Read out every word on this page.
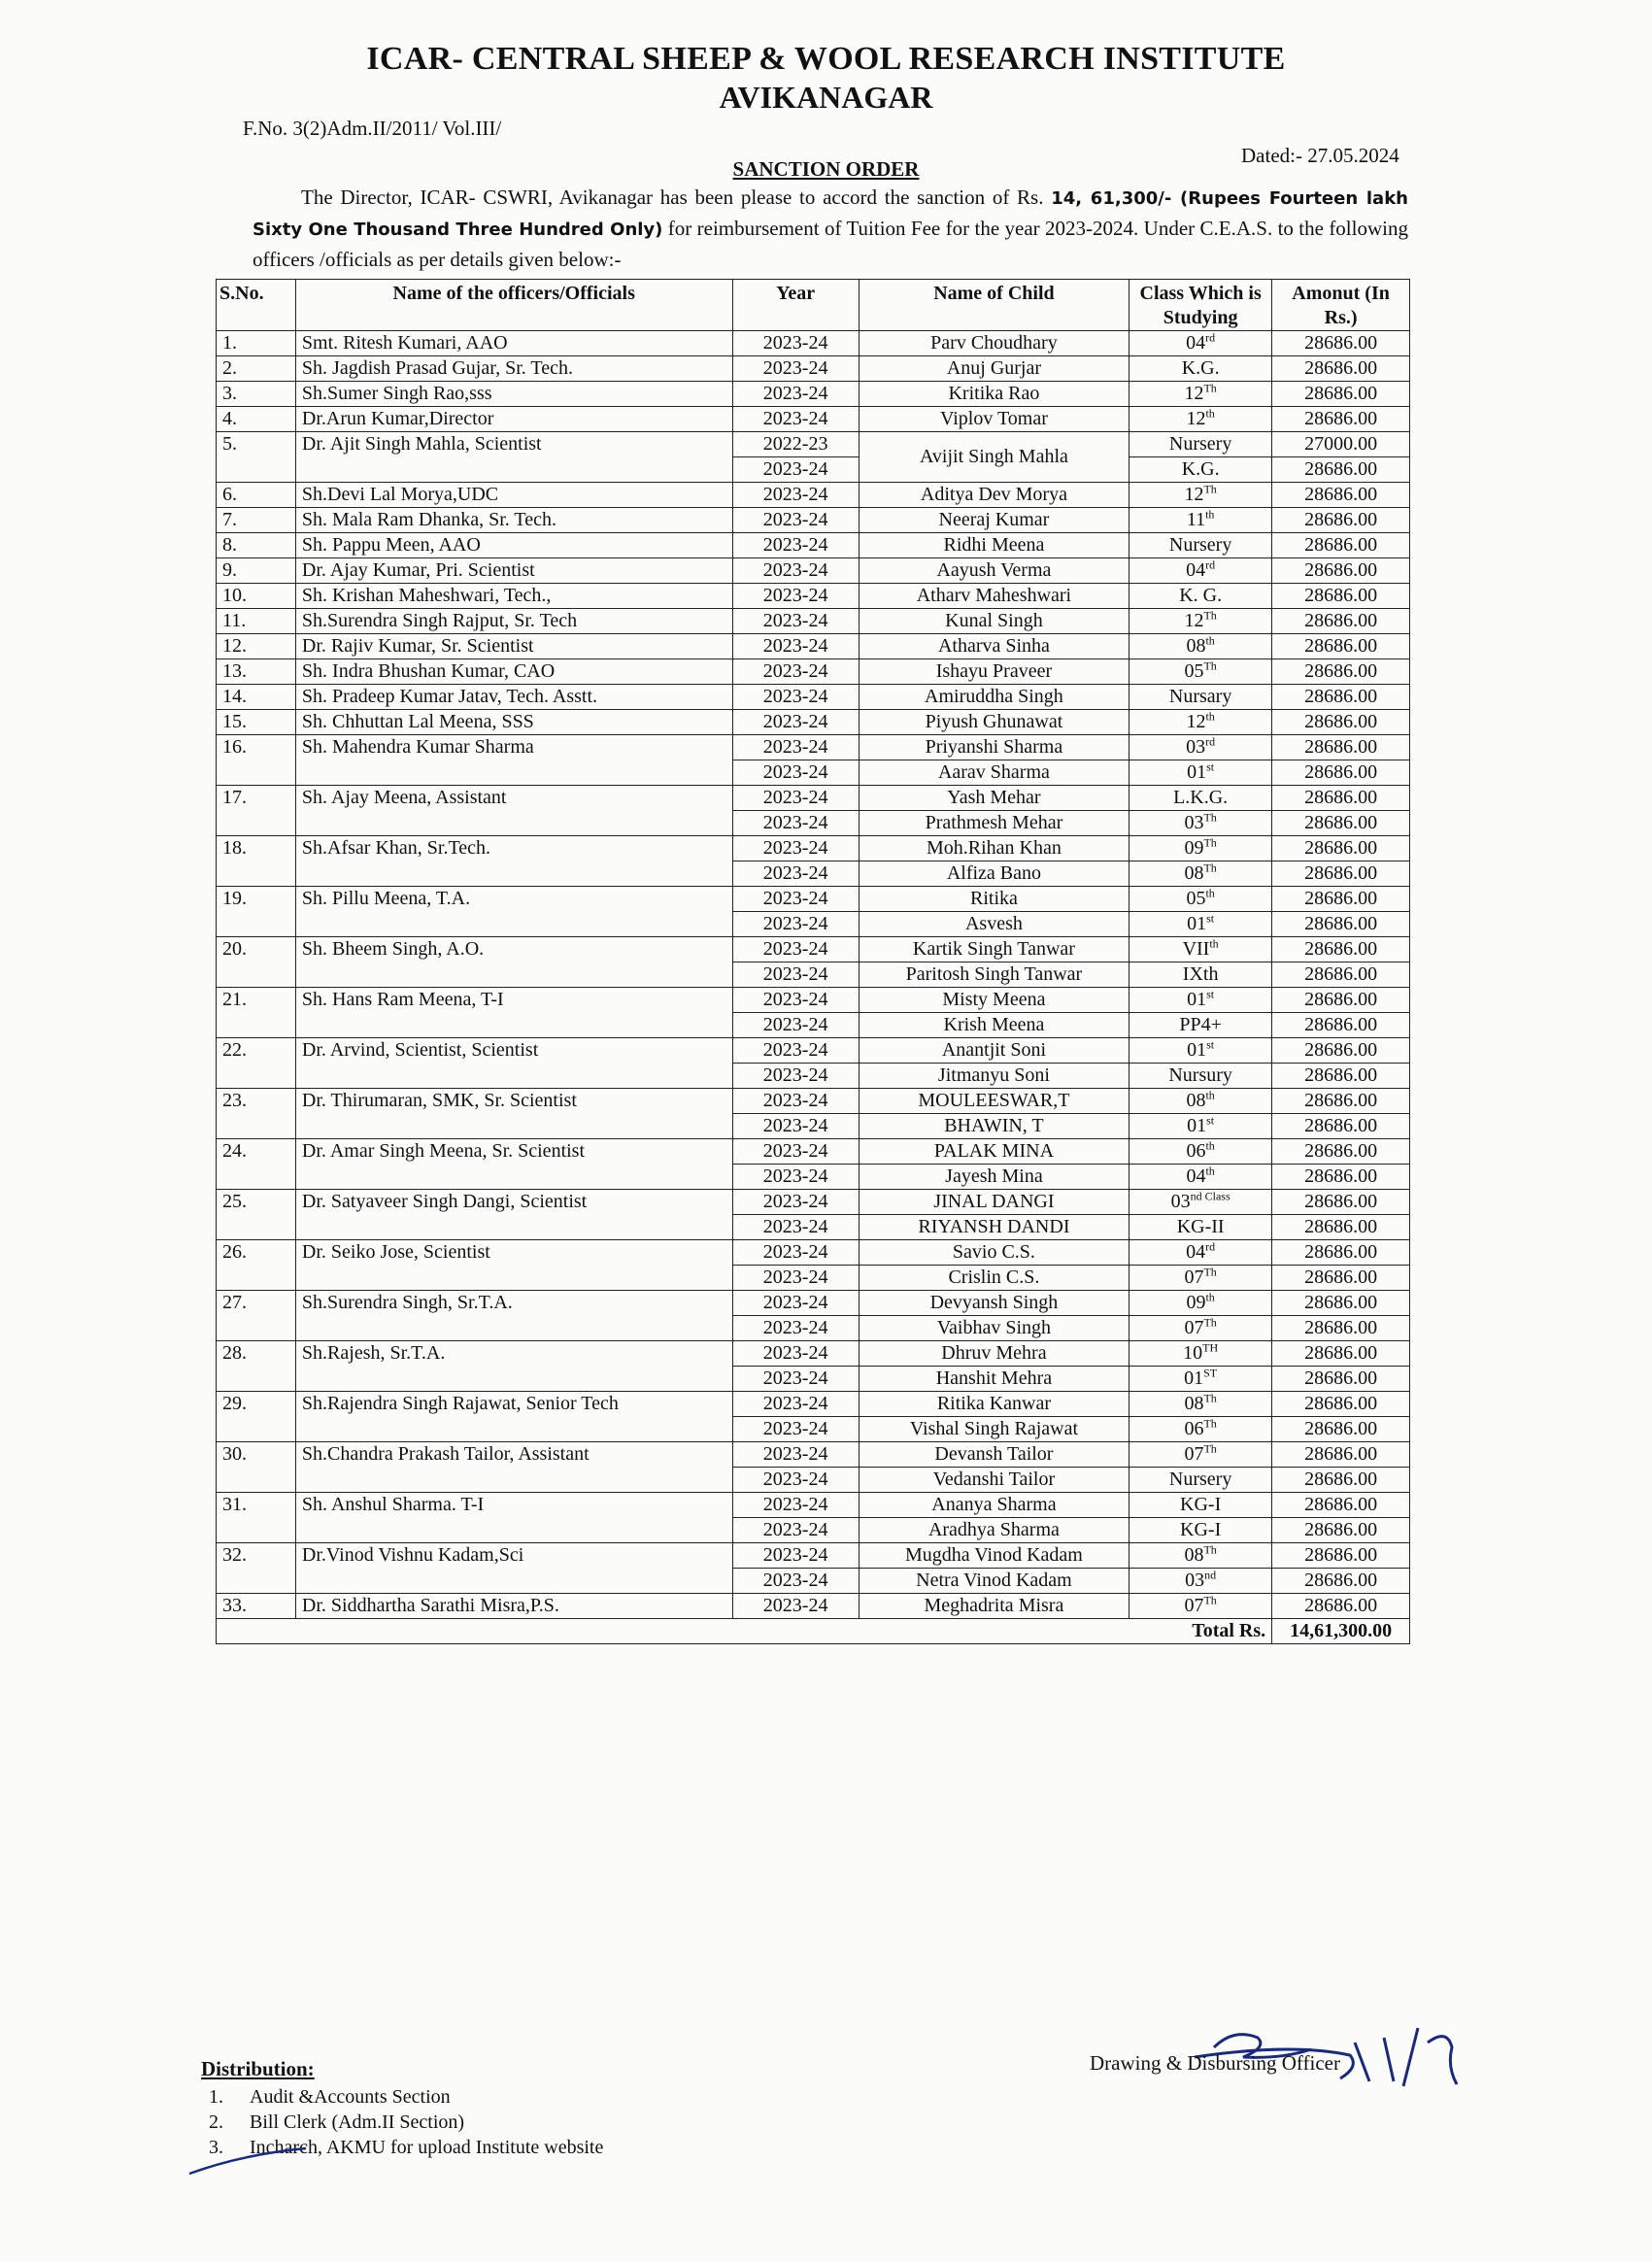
ICAR- CENTRAL SHEEP & WOOL RESEARCH INSTITUTE
AVIKANAGAR
F.No. 3(2)Adm.II/2011/ Vol.III/
Dated:- 27.05.2024
SANCTION ORDER
The Director, ICAR- CSWRI, Avikanagar has been please to accord the sanction of Rs. 14, 61,300/- (Rupees Fourteen lakh Sixty One Thousand Three Hundred Only) for reimbursement of Tuition Fee for the year 2023-2024. Under C.E.A.S. to the following officers /officials as per details given below:-
S.No.	Name of the officers/Officials	Year	Name of Child	Class Which is Studying	Amonut (In Rs.)
1.	Smt. Ritesh Kumari, AAO	2023-24	Parv Choudhary	04rd	28686.00
2.	Sh. Jagdish Prasad Gujar, Sr. Tech.	2023-24	Anuj Gurjar	K.G.	28686.00
3.	Sh.Sumer Singh Rao,sss	2023-24	Kritika Rao	12Th	28686.00
4.	Dr.Arun Kumar,Director	2023-24	Viplov Tomar	12th	28686.00
5.	Dr. Ajit Singh Mahla, Scientist	2022-23	Avijit Singh Mahla	Nursery	27000.00
		2023-24		K.G.	28686.00
6.	Sh.Devi Lal Morya,UDC	2023-24	Aditya Dev Morya	12Th	28686.00
7.	Sh. Mala Ram Dhanka, Sr. Tech.	2023-24	Neeraj Kumar	11th	28686.00
8.	Sh. Pappu Meen, AAO	2023-24	Ridhi Meena	Nursery	28686.00
9.	Dr. Ajay Kumar, Pri. Scientist	2023-24	Aayush Verma	04rd	28686.00
10.	Sh. Krishan Maheshwari, Tech.,	2023-24	Atharv Maheshwari	K. G.	28686.00
11.	Sh.Surendra Singh Rajput, Sr. Tech	2023-24	Kunal Singh	12Th	28686.00
12.	Dr. Rajiv Kumar, Sr. Scientist	2023-24	Atharva Sinha	08th	28686.00
13.	Sh. Indra Bhushan Kumar, CAO	2023-24	Ishayu Praveer	05Th	28686.00
14.	Sh. Pradeep Kumar Jatav, Tech. Asstt.	2023-24	Amiruddha Singh	Nursary	28686.00
15.	Sh. Chhuttan Lal Meena, SSS	2023-24	Piyush Ghunawat	12th	28686.00
16.	Sh. Mahendra Kumar Sharma	2023-24	Priyanshi Sharma	03rd	28686.00
		2023-24	Aarav Sharma	01st	28686.00
17.	Sh. Ajay Meena, Assistant	2023-24	Yash Mehar	L.K.G.	28686.00
		2023-24	Prathmesh Mehar	03Th	28686.00
18.	Sh.Afsar Khan, Sr.Tech.	2023-24	Moh.Rihan Khan	09Th	28686.00
		2023-24	Alfiza Bano	08Th	28686.00
19.	Sh. Pillu Meena, T.A.	2023-24	Ritika	05th	28686.00
		2023-24	Asvesh	01st	28686.00
20.	Sh. Bheem Singh, A.O.	2023-24	Kartik Singh Tanwar	VIIth	28686.00
		2023-24	Paritosh Singh Tanwar	IXth	28686.00
21.	Sh. Hans Ram Meena, T-I	2023-24	Misty Meena	01st	28686.00
		2023-24	Krish Meena	PP4+	28686.00
22.	Dr. Arvind, Scientist, Scientist	2023-24	Anantjit Soni	01st	28686.00
		2023-24	Jitmanyu Soni	Nursury	28686.00
23.	Dr. Thirumaran, SMK, Sr. Scientist	2023-24	MOULEESWAR,T	08th	28686.00
		2023-24	BHAWIN, T	01st	28686.00
24.	Dr. Amar Singh Meena, Sr. Scientist	2023-24	PALAK MINA	06th	28686.00
		2023-24	Jayesh Mina	04th	28686.00
25.	Dr. Satyaveer Singh Dangi, Scientist	2023-24	JINAL DANGI	$03^{nd Class}$	28686.00
		2023-24	RIYANSH DANDI	KG-II	28686.00
26.	Dr. Seiko Jose, Scientist	2023-24	Savio C.S.	04rd	28686.00
		2023-24	Crislin C.S.	07Th	28686.00
27.	Sh.Surendra Singh, Sr.T.A.	2023-24	Devyansh Singh	09th	28686.00
		2023-24	Vaibhav Singh	07Th	28686.00
28.	Sh.Rajesh, Sr.T.A.	2023-24	Dhruv Mehra	10TH	28686.00
		2023-24	Hanshit Mehra	01ST	28686.00
29.	Sh.Rajendra Singh Rajawat, Senior Tech	2023-24	Ritika Kanwar	08Th	28686.00
		2023-24	Vishal Singh Rajawat	06Th	28686.00
30.	Sh.Chandra Prakash Tailor, Assistant	2023-24	Devansh Tailor	07Th	28686.00
		2023-24	Vedanshi Tailor	Nursery	28686.00
31.	Sh. Anshul Sharma. T-I	2023-24	Ananya Sharma	KG-I	28686.00
		2023-24	Aradhya Sharma	KG-I	28686.00
32.	Dr.Vinod Vishnu Kadam,Sci	2023-24	Mugdha Vinod Kadam	08Th	28686.00
		2023-24	Netra Vinod Kadam	03nd	28686.00
33.	Dr. Siddhartha Sarathi Misra,P.S.	2023-24	Meghadrita Misra	07Th	28686.00
Total Rs.					14,61,300.00
Distribution:
1. Audit &Accounts Section
2. Bill Clerk (Adm.II Section)
3. Incharch, AKMU for upload Institute website
Drawing & Disbursing Officer
